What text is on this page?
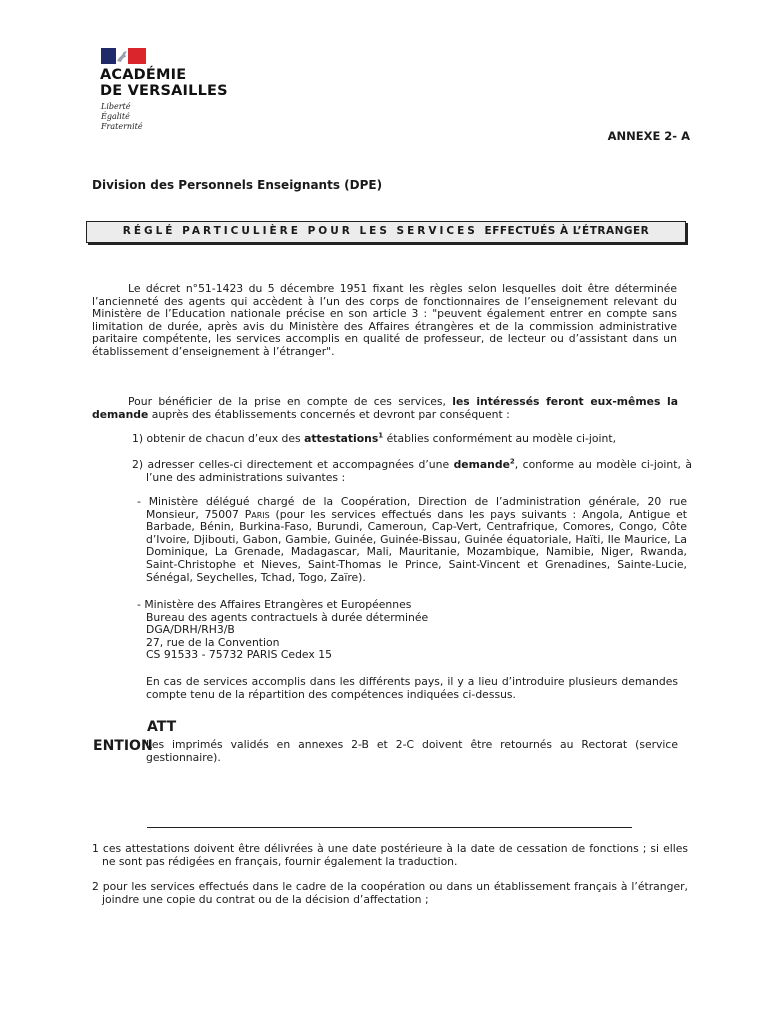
ACADÉMIE
DE VERSAILLES
Liberté
Égalité
Fraternité
ANNEXE 2- A
Division des Personnels Enseignants (DPE)
RÉGLÉ PARTICULIÈRE POUR LES SERVICES EFFECTUÉS À L’ÉTRANGER
Le décret n°51-1423 du 5 décembre 1951 fixant les règles selon lesquelles doit être déterminée l’ancienneté des agents qui accèdent à l’un des corps de fonctionnaires de l’enseignement relevant du Ministère de l’Education nationale précise en son article 3 : "peuvent également entrer en compte sans limitation de durée, après avis du Ministère des Affaires étrangères et de la commission administrative paritaire compétente, les services accomplis en qualité de professeur, de lecteur ou d’assistant dans un établissement d’enseignement à l’étranger".
Pour bénéficier de la prise en compte de ces services, les intéressés feront eux-mêmes la demande auprès des établissements concernés et devront par conséquent :
1) obtenir de chacun d’eux des attestations$^1$ établies conformément au modèle ci-joint,
2) adresser celles-ci directement et accompagnées d’une demande$^2$, conforme au modèle ci-joint, à l’une des administrations suivantes :
- Ministère délégué chargé de la Coopération, Direction de l’administration générale, 20 rue Monsieur, 75007 Paris (pour les services effectués dans les pays suivants : Angola, Antigue et Barbade, Bénin, Burkina-Faso, Burundi, Cameroun, Cap-Vert, Centrafrique, Comores, Congo, Côte d’Ivoire, Djibouti, Gabon, Gambie, Guinée, Guinée-Bissau, Guinée équatoriale, Haïti, Ile Maurice, La Dominique, La Grenade, Madagascar, Mali, Mauritanie, Mozambique, Namibie, Niger, Rwanda, Saint-Christophe et Nieves, Saint-Thomas le Prince, Saint-Vincent et Grenadines, Sainte-Lucie, Sénégal, Seychelles, Tchad, Togo, Zaïre).
- Ministère des Affaires Etrangères et Européennes
Bureau des agents contractuels à durée déterminée
DGA/DRH/RH3/B
27, rue de la Convention
CS 91533 - 75732 PARIS Cedex 15
En cas de services accomplis dans les différents pays, il y a lieu d’introduire plusieurs demandes compte tenu de la répartition des compétences indiquées ci-dessus.
ATT
Les imprimés validés en annexes 2-B et 2-C doivent être retournés au Rectorat (service gestionnaire).
ENTION
1 ces attestations doivent être délivrées à une date postérieure à la date de cessation de fonctions ; si elles ne sont pas rédigées en français, fournir également la traduction.
2 pour les services effectués dans le cadre de la coopération ou dans un établissement français à l’étranger, joindre une copie du contrat ou de la décision d’affectation ;
